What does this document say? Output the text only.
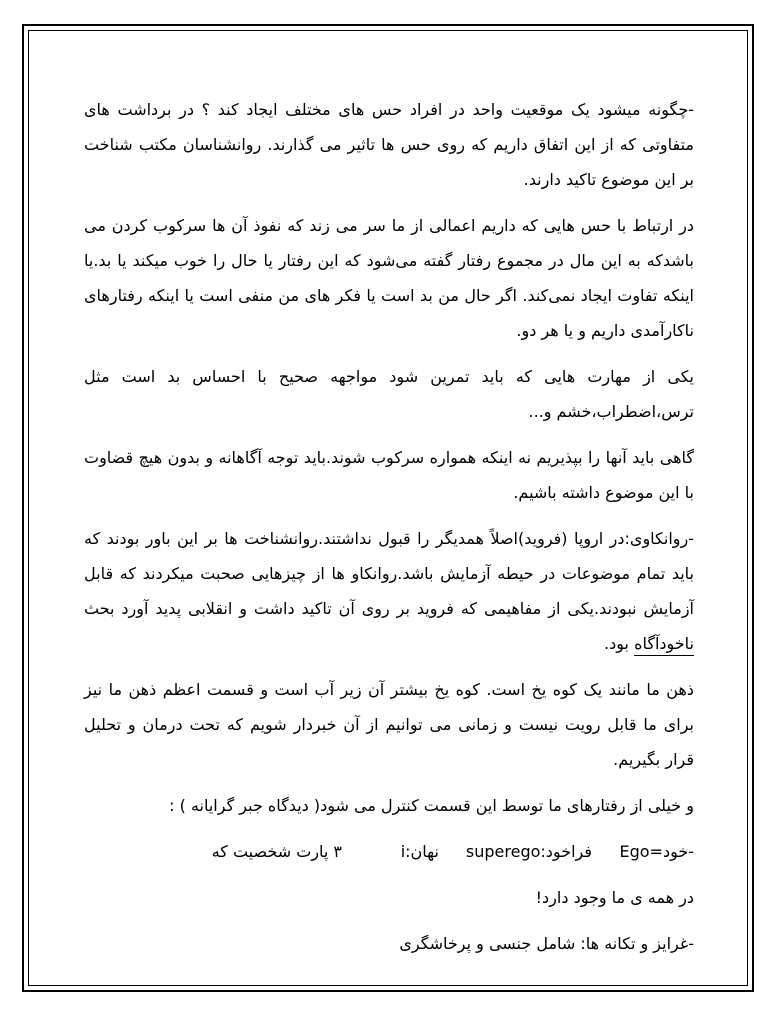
-چگونه میشود یک موقعیت واحد در افراد حس های مختلف ایجاد کند ؟ در برداشت های متفاوتی که از این اتفاق داریم که روی حس ها تاثیر می گذارند. روانشناسان مکتب شناخت بر این موضوع تاکید دارند.

در ارتباط با حس هایی که داریم اعمالی از ما سر می زند که نفوذ آن ها سرکوب کردن می باشدکه به این مال در مجموع رفتار گفته می‌شود که این رفتار یا حال را خوب میکند یا بد.یا اینکه تفاوت ایجاد نمی‌کند. اگر حال من بد است یا فکر های من منفی است یا اینکه رفتارهای ناکارآمدی داریم و یا هر دو.

یکی از مهارت هایی که باید تمرین شود مواجهه صحیح با احساس بد است مثل ترس،اضطراب،خشم و...

گاهی باید آنها را بپذیریم نه اینکه همواره سرکوب شوند.باید توجه آگاهانه و بدون هیچ قضاوت با این موضوع داشته باشیم.

-روانکاوی:در اروپا (فروید)اصلاً همدیگر را قبول نداشتند.روانشناخت ها بر این باور بودند که باید تمام موضوعات در حیطه آزمایش باشد.روانکاو ها از چیزهایی صحبت میکردند که قابل آزمایش نبودند.یکی از مفاهیمی که فروید بر روی آن تاکید داشت و انقلابی پدید آورد بحث ناخودآگاه بود.

ذهن ما مانند یک کوه یخ است. کوه یخ بیشتر آن زیر آب است و قسمت اعظم ذهن ما نیز برای ما قابل رویت نیست و زمانی می توانیم از آن خبردار شویم که تحت درمان و تحلیل قرار بگیریم.

و خیلی از رفتارهای ما توسط این قسمت کنترل می شود( دیدگاه جبر گرایانه ) :

-خود=Ego
فراخود:superego
نهان:i
۳ پارت شخصیت که

در همه ی ما وجود دارد!

-غرایز و تکانه ها: شامل جنسی و پرخاشگری
